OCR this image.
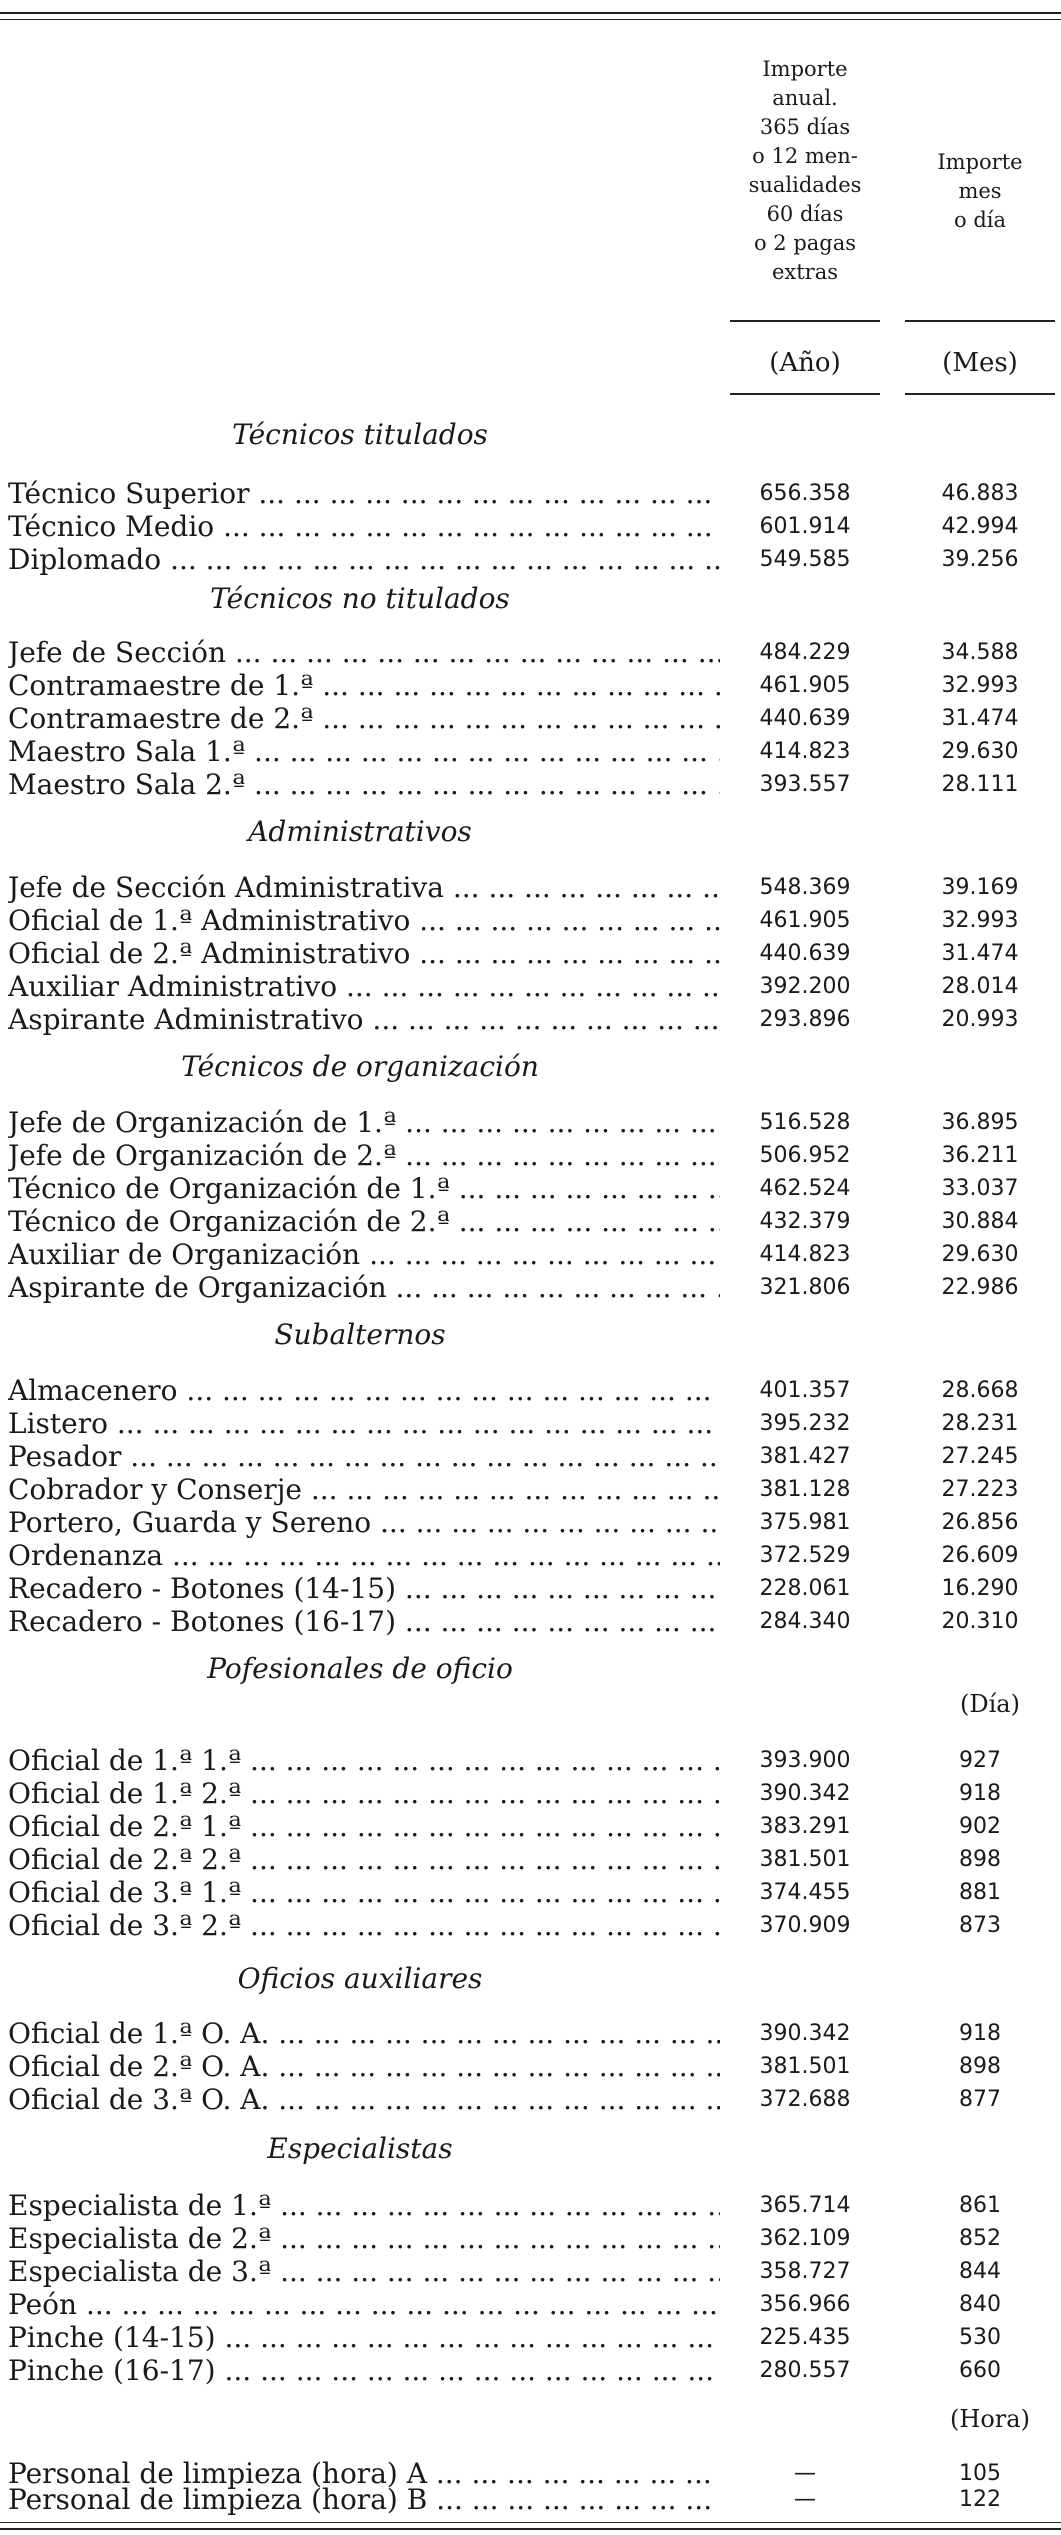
Importe
anual.
365 días
o 12 men-
sualidades
60 días
o 2 pagas
extras
Importe
mes
o día
(Año)	(Mes)
Técnicos titulados
Técnico Superior ... .	656.358	46.883
Técnico Medio ... .	601.914	42.994
Diplomado ... .	549.585	39.256
Técnicos no titulados
Jefe de Sección ... .	484.229	34.588
Contramaestre de 1.ª ... .	461.905	32.993
Contramaestre de 2.ª ... .	440.639	31.474
Maestro Sala 1.ª ... .	414.823	29.630
Maestro Sala 2.ª ... .	393.557	28.111
Administrativos
Jefe de Sección Administrativa ... .	548.369	39.169
Oficial de 1.ª Administrativo ... .	461.905	32.993
Oficial de 2.ª Administrativo ... .	440.639	31.474
Auxiliar Administrativo ... .	392.200	28.014
Aspirante Administrativo ... .	293.896	20.993
Técnicos de organización
Jefe de Organización de 1.ª ... .	516.528	36.895
Jefe de Organización de 2.ª ... .	506.952	36.211
Técnico de Organización de 1.ª ... .	462.524	33.037
Técnico de Organización de 2.ª ... .	432.379	30.884
Auxiliar de Organización ... .	414.823	29.630
Aspirante de Organización ... .	321.806	22.986
Subalternos
Almacenero ... .	401.357	28.668
Listero ... .	395.232	28.231
Pesador ... .	381.427	27.245
Cobrador y Conserje ... .	381.128	27.223
Portero, Guarda y Sereno ... .	375.981	26.856
Ordenanza ... .	372.529	26.609
Recadero - Botones (14-15) ... .	228.061	16.290
Recadero - Botones (16-17) ... .	284.340	20.310
Pofesionales de oficio
(Día)
Oficial de 1.ª 1.ª ... .	393.900	927
Oficial de 1.ª 2.ª ... .	390.342	918
Oficial de 2.ª 1.ª ... .	383.291	902
Oficial de 2.ª 2.ª ... .	381.501	898
Oficial de 3.ª 1.ª ... .	374.455	881
Oficial de 3.ª 2.ª ... .	370.909	873
Oficios auxiliares
Oficial de 1.ª O. A. ... .	390.342	918
Oficial de 2.ª O. A. ... .	381.501	898
Oficial de 3.ª O. A. ... .	372.688	877
Especialistas
Especialista de 1.ª ... .	365.714	861
Especialista de 2.ª ... .	362.109	852
Especialista de 3.ª ... .	358.727	844
Peón ... .	356.966	840
Pinche (14-15) ... .	225.435	530
Pinche (16-17) ... .	280.557	660
(Hora)
Personal de limpieza (hora) A ... .	—	105
Personal de limpieza (hora) B ... .	—	122
